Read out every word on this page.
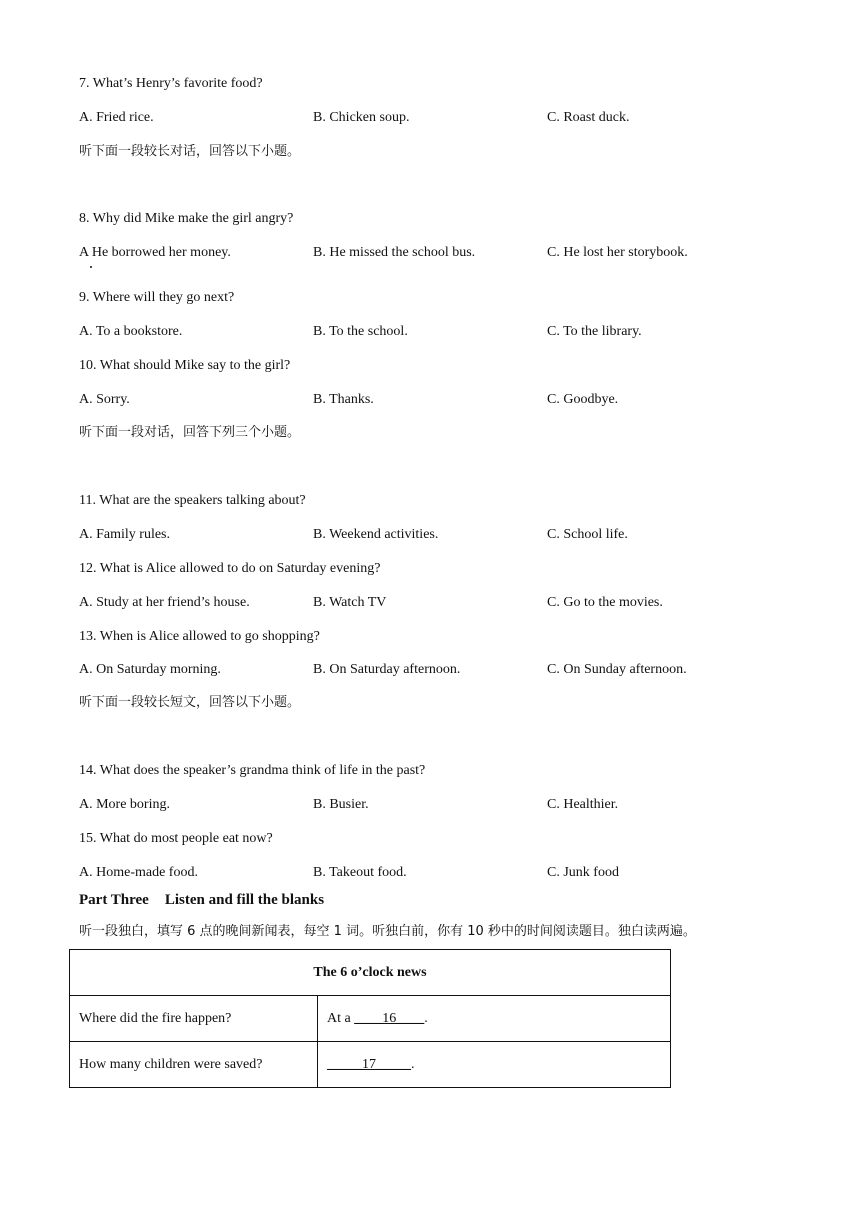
7. What’s Henry’s favorite food?
A. Fried rice.	B. Chicken soup.	C. Roast duck.
听下面一段较长对话，回答以下小题。
8. Why did Mike make the girl angry?
A He borrowed her money.	B. He missed the school bus.	C. He lost her storybook.
9. Where will they go next?
A. To a bookstore.	B. To the school.	C. To the library.
10. What should Mike say to the girl?
A. Sorry.	B. Thanks.	C. Goodbye.
听下面一段对话，回答下列三个小题。
11. What are the speakers talking about?
A. Family rules.	B. Weekend activities.	C. School life.
12. What is Alice allowed to do on Saturday evening?
A. Study at her friend’s house.	B. Watch TV	C. Go to the movies.
13. When is Alice allowed to go shopping?
A. On Saturday morning.	B. On Saturday afternoon.	C. On Sunday afternoon.
听下面一段较长短文，回答以下小题。
14. What does the speaker’s grandma think of life in the past?
A. More boring.	B. Busier.	C. Healthier.
15. What do most people eat now?
A. Home-made food.	B. Takeout food.	C. Junk food
Part Three Listen and fill the blanks
听一段独白，填写 6 点的晚间新闻表，每空 1 词。听独白前，你有 10 秒中的时间阅读题目。独白读两遍。
The 6 o’clock news	
Where did the fire happen?	At a ____16____.
How many children were saved?	_____17_____.
